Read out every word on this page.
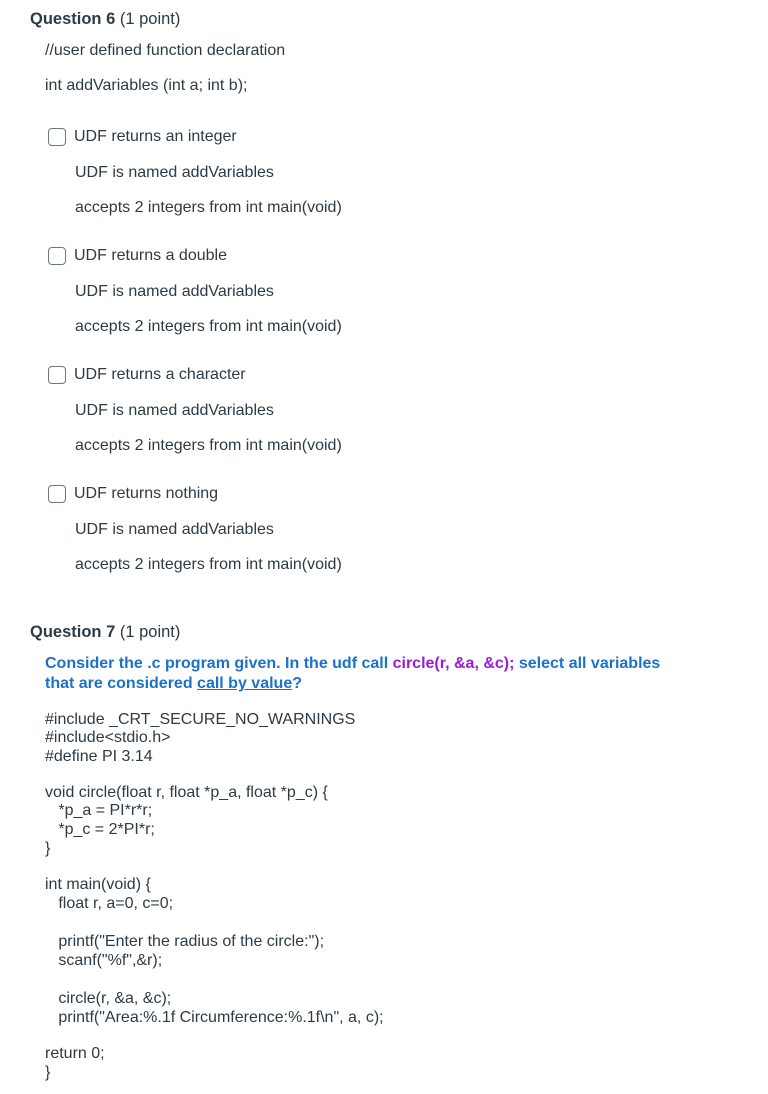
Question 6 (1 point)
//user defined function declaration
int addVariables (int a; int b);
UDF returns an integer
UDF is named addVariables
accepts 2 integers from int main(void)
UDF returns a double
UDF is named addVariables
accepts 2 integers from int main(void)
UDF returns a character
UDF is named addVariables
accepts 2 integers from int main(void)
UDF returns nothing
UDF is named addVariables
accepts 2 integers from int main(void)
Question 7 (1 point)
Consider the .c program given. In the udf call circle(r, &a, &c); select all variables
that are considered call by value?
#include _CRT_SECURE_NO_WARNINGS
#include<stdio.h>
#define PI 3.14
void circle(float r, float *p_a, float *p_c) {
*p_a = PI*r*r;
*p_c = 2*PI*r;
}
int main(void) {
float r, a=0, c=0;
printf("Enter the radius of the circle:");
scanf("%f",&r);
circle(r, &a, &c);
printf("Area:%.1f Circumference:%.1f\n", a, c);
return 0;
}
